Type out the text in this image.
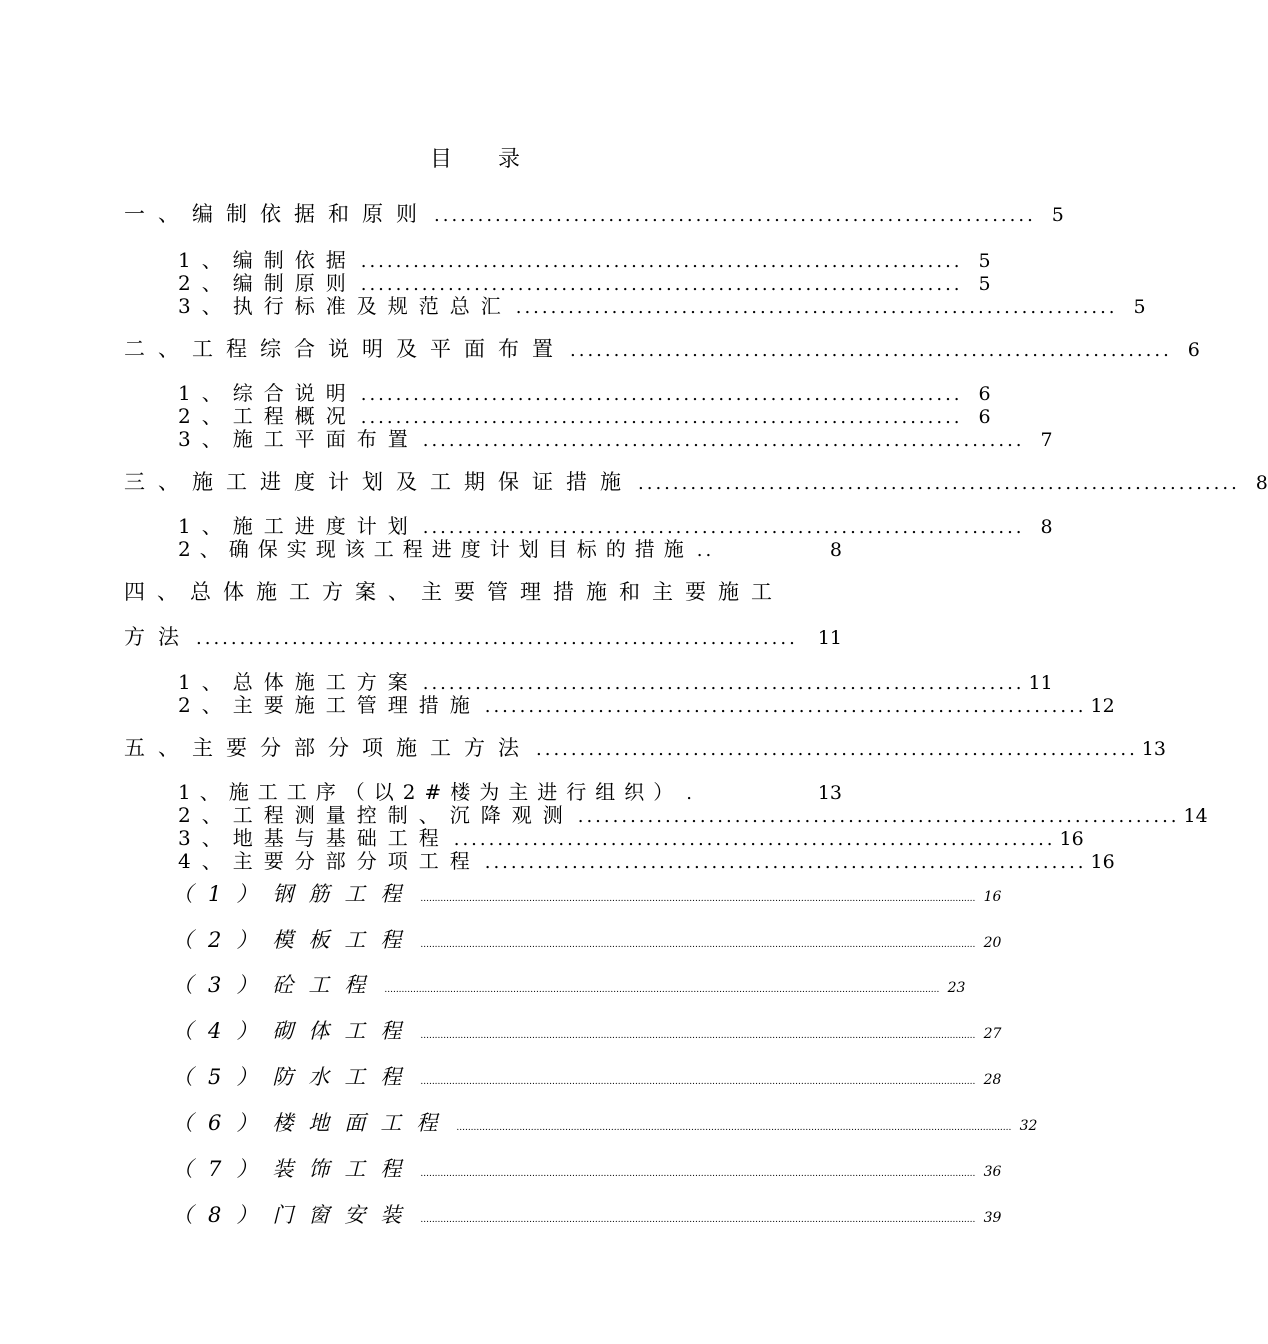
目录
一、编制依据和原则 ..................................................................... 5
1、编制依据 ..................................................................... 5
2、编制原则 ..................................................................... 5
3、执行标准及规范总汇 ..................................................................... 5
二、工程综合说明及平面布置 ..................................................................... 6
1、综合说明 ..................................................................... 6
2、工程概况 ..................................................................... 6
3、施工平面布置 ..................................................................... 7
三、施工进度计划及工期保证措施 ..................................................................... 8
1、施工进度计划 ..................................................................... 8
2、确保实现该工程进度计划目标的措施 ..	8
四、总体施工方案、主要管理措施和主要施工
方法 .....................................................................	11
1、总体施工方案 ..................................................................... 11
2、主要施工管理措施 ..................................................................... 12
五、主要分部分项施工方法 ..................................................................... 13
1、施工工序（以2#楼为主进行组织） .	13
2、工程测量控制、沉降观测 ..................................................................... 14
3、地基与基础工程 ..................................................................... 16
4、主要分部分项工程 ..................................................................... 16
（1）钢筋工程 .................................................................................................................................................................................................. 16
（2）模板工程 .................................................................................................................................................................................................. 20
（3）砼工程 .................................................................................................................................................................................................. 23
（4）砌体工程 .................................................................................................................................................................................................. 27
（5）防水工程 .................................................................................................................................................................................................. 28
（6）楼地面工程 .................................................................................................................................................................................................. 32
（7）装饰工程 .................................................................................................................................................................................................. 36
（8）门窗安装 .................................................................................................................................................................................................. 39
